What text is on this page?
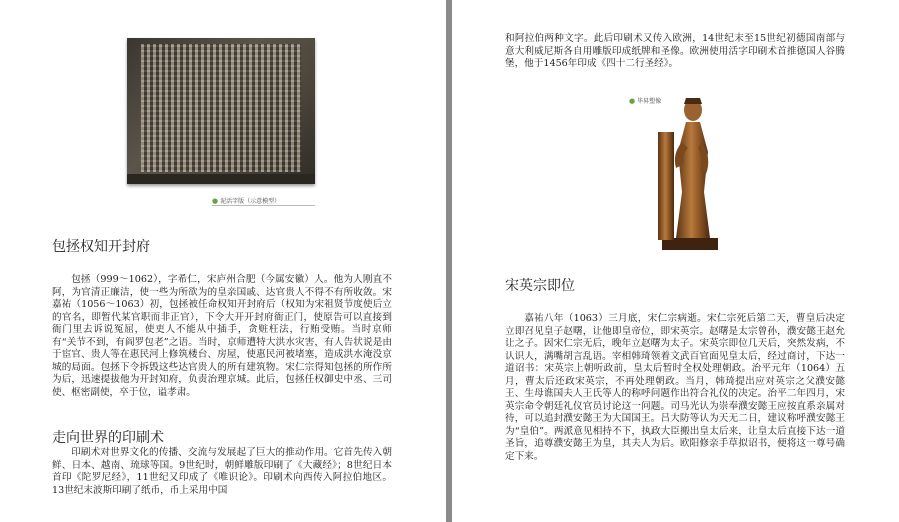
● 泥活字版（示意模型）
包拯权知开封府

包拯（999～1062），字希仁，宋庐州合肥（今属安徽）人。他为人刚直不阿，为官清正廉洁，使一些为所欲为的皇亲国戚、达官贵人不得不有所收敛。宋嘉祐（1056～1063）初，包拯被任命权知开封府后（权知为宋祖贤节度使后立的官名，即暂代某官职而非正官），下令大开开封府衙正门，使原告可以直接到衙门里去诉说冤屈，使吏人不能从中插手，贪赃枉法，行贿受贿。当时京师有“关节不到，有阎罗包老”之语。当时，京师遭特大洪水灾害，有人告状说是由于宦官、贵人等在惠民河上修筑楼台、房屋，使惠民河被堵塞，造成洪水淹没京城的局面。包拯下令拆毁这些达官贵人的所有建筑物。宋仁宗得知包拯的所作所为后，迅速提拔他为开封知府，负责治理京城。此后，包拯任权御史中丞、三司使、枢密副使，卒于位，谥孝肃。

走向世界的印刷术

印刷术对世界文化的传播、交流与发展起了巨大的推动作用。它首先传入朝鲜、日本、越南、琉球等国。9世纪时，朝鲜雕版印刷了《大藏经》；8世纪日本首印《陀罗尼经》，11世纪又印成了《唯识论》。印刷术向西传入阿拉伯地区。13世纪末波斯印刷了纸币，币上采用中国

和阿拉伯两种文字。此后印刷术又传入欧洲，14世纪末至15世纪初德国南部与意大利威尼斯各自用雕版印成纸牌和圣像。欧洲使用活字印刷术首推德国人谷腾堡，他于1456年印成《四十二行圣经》。

● 毕昇塑像
宋英宗即位

嘉祐八年（1063）三月底，宋仁宗病逝。宋仁宗死后第二天，曹皇后决定立即召见皇子赵曙，让他即皇帝位，即宋英宗。赵曙是太宗曾孙，濮安懿王赵允让之子。因宋仁宗无后，晚年立赵曙为太子。宋英宗即位几天后，突然发病，不认识人，满嘴胡言乱语。宰相韩琦领着文武百官面见皇太后，经过商讨，下达一道诏书：宋英宗上朝听政前，皇太后暂时全权处理朝政。治平元年（1064）五月，曹太后还政宋英宗，不再处理朝政。当月，韩琦提出应对英宗之父濮安懿王、生母谯国夫人王氏等人的称呼问题作出符合礼仪的决定。治平二年四月，宋英宗命令朝廷礼仪官员讨论这一问题。司马光认为崇奉濮安懿王应按直系亲属对待，可以追封濮安懿王为大国国王。吕大防等认为天无二日，建议称呼濮安懿王为“皇伯”。两派意见相持不下，执政大臣搬出皇太后来，让皇太后直接下达一道圣旨，追尊濮安懿王为皇，其夫人为后。欧阳修亲手草拟诏书，便将这一尊号确定下来。
